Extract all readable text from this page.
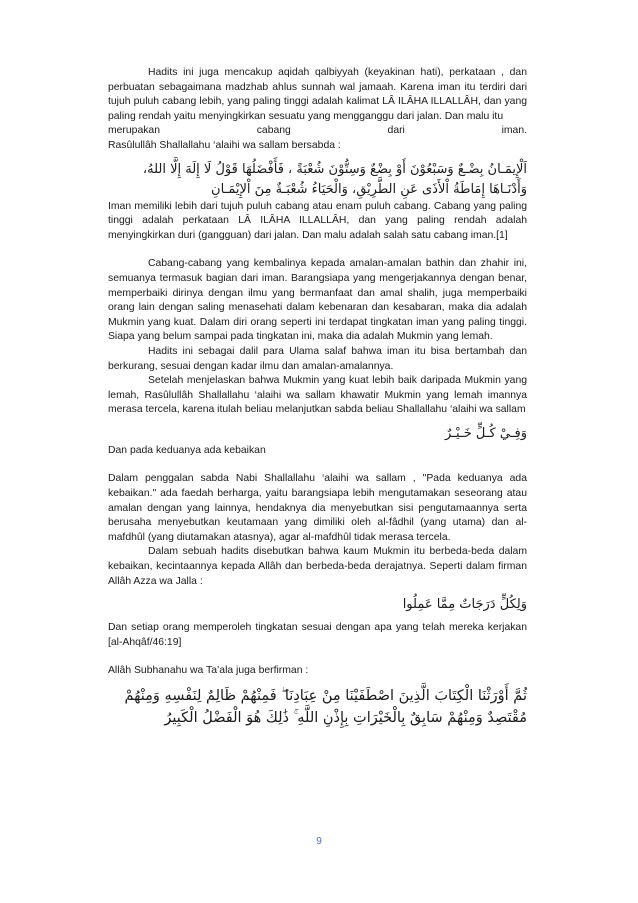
Hadits ini juga mencakup aqidah qalbiyyah (keyakinan hati), perkataan , dan perbuatan sebagaimana madzhab ahlus sunnah wal jamaah. Karena iman itu terdiri dari tujuh puluh cabang lebih, yang paling tinggi adalah kalimat LÂ ILÂHA ILLALLÂH, dan yang paling rendah yaitu menyingkirkan sesuatu yang mengganggu dari jalan. Dan malu itu

merupakan cabang dari iman.

Rasûlullâh Shallallahu ‘alaihi wa sallam bersabda :

اَلْإِيمَـانُ بِضْـعٌ وَسَبْعُوْنَ أَوْ بِضْعٌ وَسِتُّوْنَ شُعْبَةً ، فَأَفْضَلُهَا قَوْلُ لَا إِلَهَ إِلَّا اللهُ، وَأَدْنَـاهَا إِمَاطَةُ اْلأَذَى عَنِ الطَّرِيْقِ، وَالْحَيَاءُ شُعْبَـةٌ مِنَ اْلإِيْمَـانِ

Iman memiliki lebih dari tujuh puluh cabang atau enam puluh cabang. Cabang yang paling tinggi adalah perkataan LÂ ILÂHA ILLALLÂH, dan yang paling rendah adalah menyingkirkan duri (gangguan) dari jalan. Dan malu adalah salah satu cabang iman.[1]

Cabang-cabang yang kembalinya kepada amalan-amalan bathin dan zhahir ini, semuanya termasuk bagian dari iman. Barangsiapa yang mengerjakannya dengan benar, memperbaiki dirinya dengan ilmu yang bermanfaat dan amal shalih, juga memperbaiki orang lain dengan saling menasehati dalam kebenaran dan kesabaran, maka dia adalah Mukmin yang kuat. Dalam diri orang seperti ini terdapat tingkatan iman yang paling tinggi. Siapa yang belum sampai pada tingkatan ini, maka dia adalah Mukmin yang lemah.

Hadits ini sebagai dalil para Ulama salaf bahwa iman itu bisa bertambah dan berkurang, sesuai dengan kadar ilmu dan amalan-amalannya.

Setelah menjelaskan bahwa Mukmin yang kuat lebih baik daripada Mukmin yang lemah, Rasûlullâh Shallallahu ‘alaihi wa sallam khawatir Mukmin yang lemah imannya merasa tercela, karena itulah beliau melanjutkan sabda beliau Shallallahu ‘alaihi wa sallam

وَفِـيْ كُـلٍّ خَـيْـرٌ

Dan pada keduanya ada kebaikan

Dalam penggalan sabda Nabi Shallallahu ‘alaihi wa sallam , "Pada keduanya ada kebaikan." ada faedah berharga, yaitu barangsiapa lebih mengutamakan seseorang atau amalan dengan yang lainnya, hendaknya dia menyebutkan sisi pengutamaannya serta berusaha menyebutkan keutamaan yang dimiliki oleh al-fâdhil (yang utama) dan al-mafdhûl (yang diutamakan atasnya), agar al-mafdhûl tidak merasa tercela.

Dalam sebuah hadits disebutkan bahwa kaum Mukmin itu berbeda-beda dalam kebaikan, kecintaannya kepada Allâh dan berbeda-beda derajatnya. Seperti dalam firman Allâh Azza wa Jalla :

وَلِكُلٍّ دَرَجَاتٌ مِمَّا عَمِلُوا

Dan setiap orang memperoleh tingkatan sesuai dengan apa yang telah mereka kerjakan [al-Ahqâf/46:19]

Allâh Subhanahu wa Ta’ala juga berfirman :

ثُمَّ أَوْرَثْنَا الْكِتَابَ الَّذِينَ اصْطَفَيْنَا مِنْ عِبَادِنَا ۖ فَمِنْهُمْ ظَالِمٌ لِنَفْسِهِ وَمِنْهُمْ مُقْتَصِدٌ وَمِنْهُمْ سَابِقٌ بِالْخَيْرَاتِ بِإِذْنِ اللَّهِ ۚ ذَٰلِكَ هُوَ الْفَضْلُ الْكَبِيرُ

9
